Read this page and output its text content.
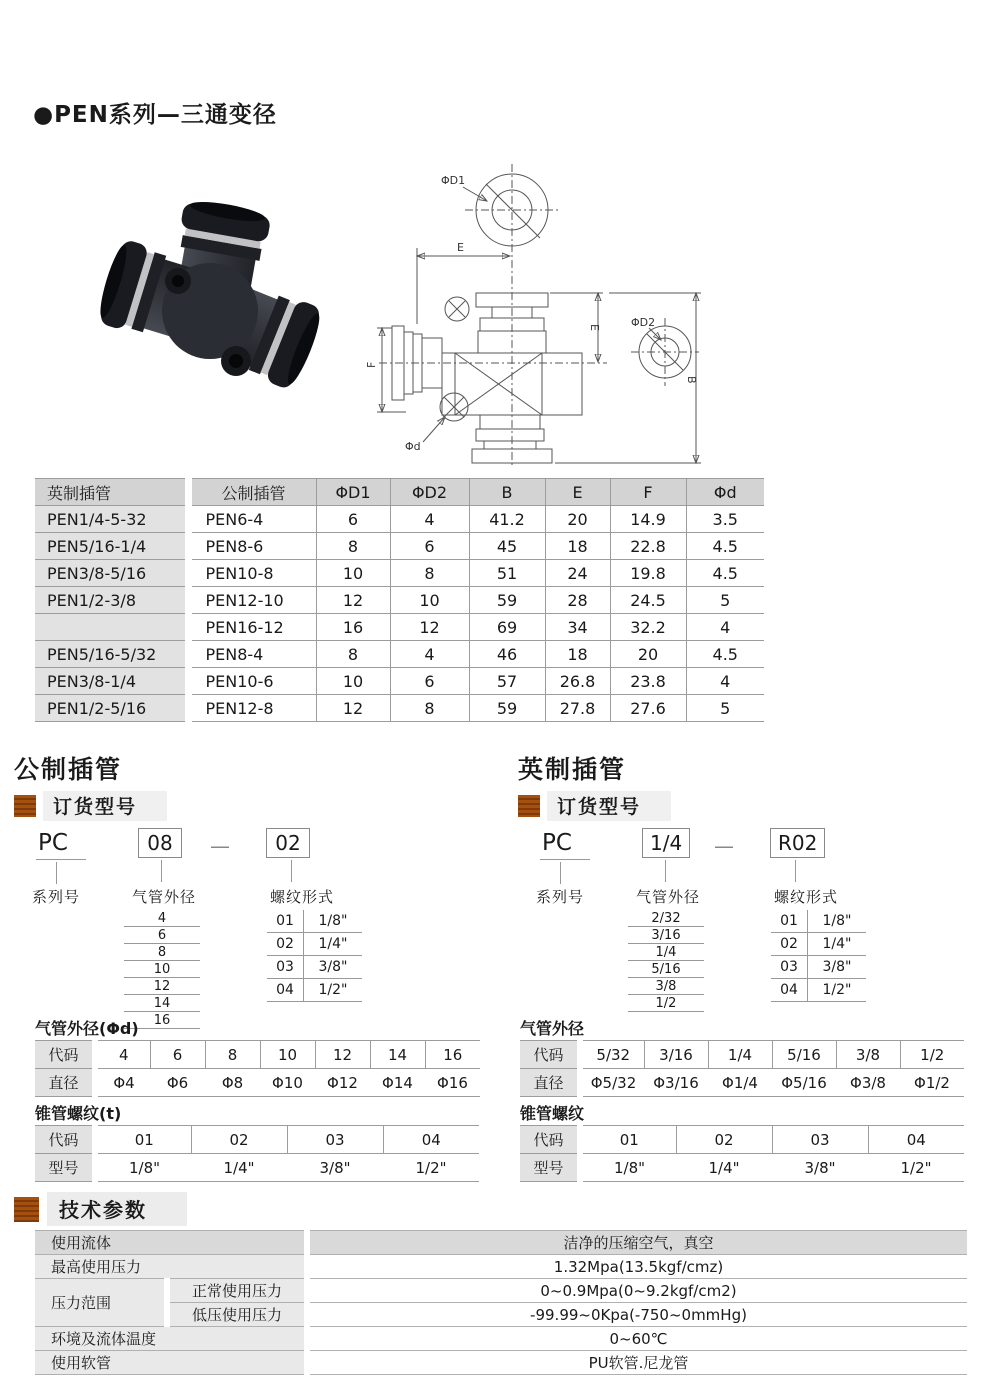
●PEN系列—三通变径
ΦD1
E
Φd
E
B
F
ΦD2
英制插管	公制插管	ΦD1	ΦD2	B	E	F	Φd
PEN1/4-5-32	PEN6-4	6	4	41.2	20	14.9	3.5
PEN5/16-1/4	PEN8-6	8	6	45	18	22.8	4.5
PEN3/8-5/16	PEN10-8	10	8	51	24	19.8	4.5
PEN1/2-3/8	PEN12-10	12	10	59	28	24.5	5
	PEN16-12	16	12	69	34	32.2	4
PEN5/16-5/32	PEN8-4	8	4	46	18	20	4.5
PEN3/8-1/4	PEN10-6	10	6	57	26.8	23.8	4
PEN1/2-5/16	PEN12-8	12	8	59	27.8	27.6	5
公制插管
订货型号
PC	08	—	02
系列号	气管外径	螺纹形式
4
6
8
10
12
14
16
01	1/8"
02	1/4"
03	3/8"
04	1/2"
英制插管
订货型号
PC	1/4	—	R02
系列号	气管外径	螺纹形式
2/32
3/16
1/4
5/16
3/8
1/2
01	1/8"
02	1/4"
03	3/8"
04	1/2"
气管外径(Φd)
代码	4	6	8	10	12	14	16
直径	Φ4	Φ6	Φ8	Φ10	Φ12	Φ14	Φ16
锥管螺纹(t)
代码	01	02	03	04
型号	1/8"	1/4"	3/8"	1/2"
气管外径
代码	5/32	3/16	1/4	5/16	3/8	1/2
直径	Φ5/32	Φ3/16	Φ1/4	Φ5/16	Φ3/8	Φ1/2
锥管螺纹
代码	01	02	03	04
型号	1/8"	1/4"	3/8"	1/2"
技术参数
使用流体		洁净的压缩空气，真空
最高使用压力		1.32Mpa(13.5kgf/cmz)
压力范围	正常使用压力	0~0.9Mpa(0~9.2kgf/cm2)
	低压使用压力	-99.99~0Kpa(-750~0mmHg)
环境及流体温度		0~60℃
使用软管		PU软管.尼龙管
